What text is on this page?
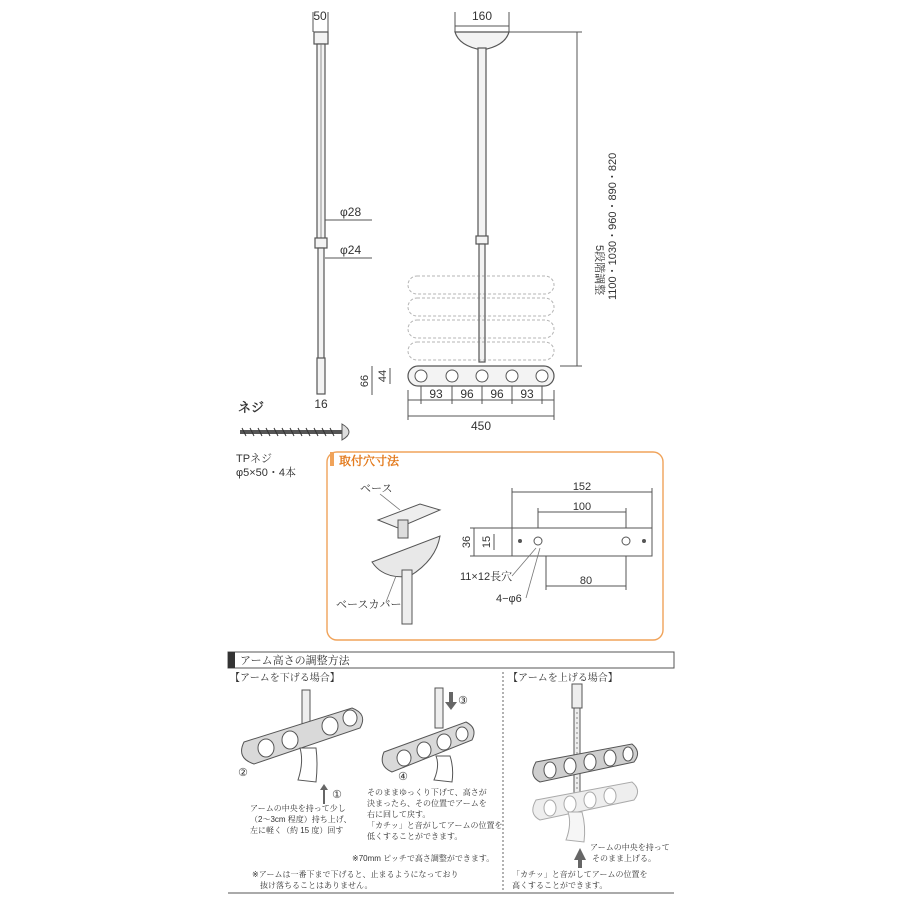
50
φ28
φ24
16
160
1100・1030・960・890・820
5段階調整
66 44
93 96 96 93
450
ネジ
TPネジ
φ5×50・4本
取付穴寸法
ベース
ベースカバー
152
100
36 15
80
11×12長穴
4−φ6
アーム高さの調整方法
【アームを下げる場合】	【アームを上げる場合】
①
②
③
④
アームの中央を持って少し
（2～3cm 程度）持ち上げ、
左に軽く（約 15 度）回す
そのままゆっくり下げて、高さが
決まったら、その位置でアームを
右に回して戻す。
「カチッ」と音がしてアームの位置を
低くすることができます。
※70mm ピッチで高さ調整ができます。
※アームは一番下まで下げると、止まるようになっており
抜け落ちることはありません。
アームの中央を持って
そのまま上げる。
「カチッ」と音がしてアームの位置を
高くすることができます。
